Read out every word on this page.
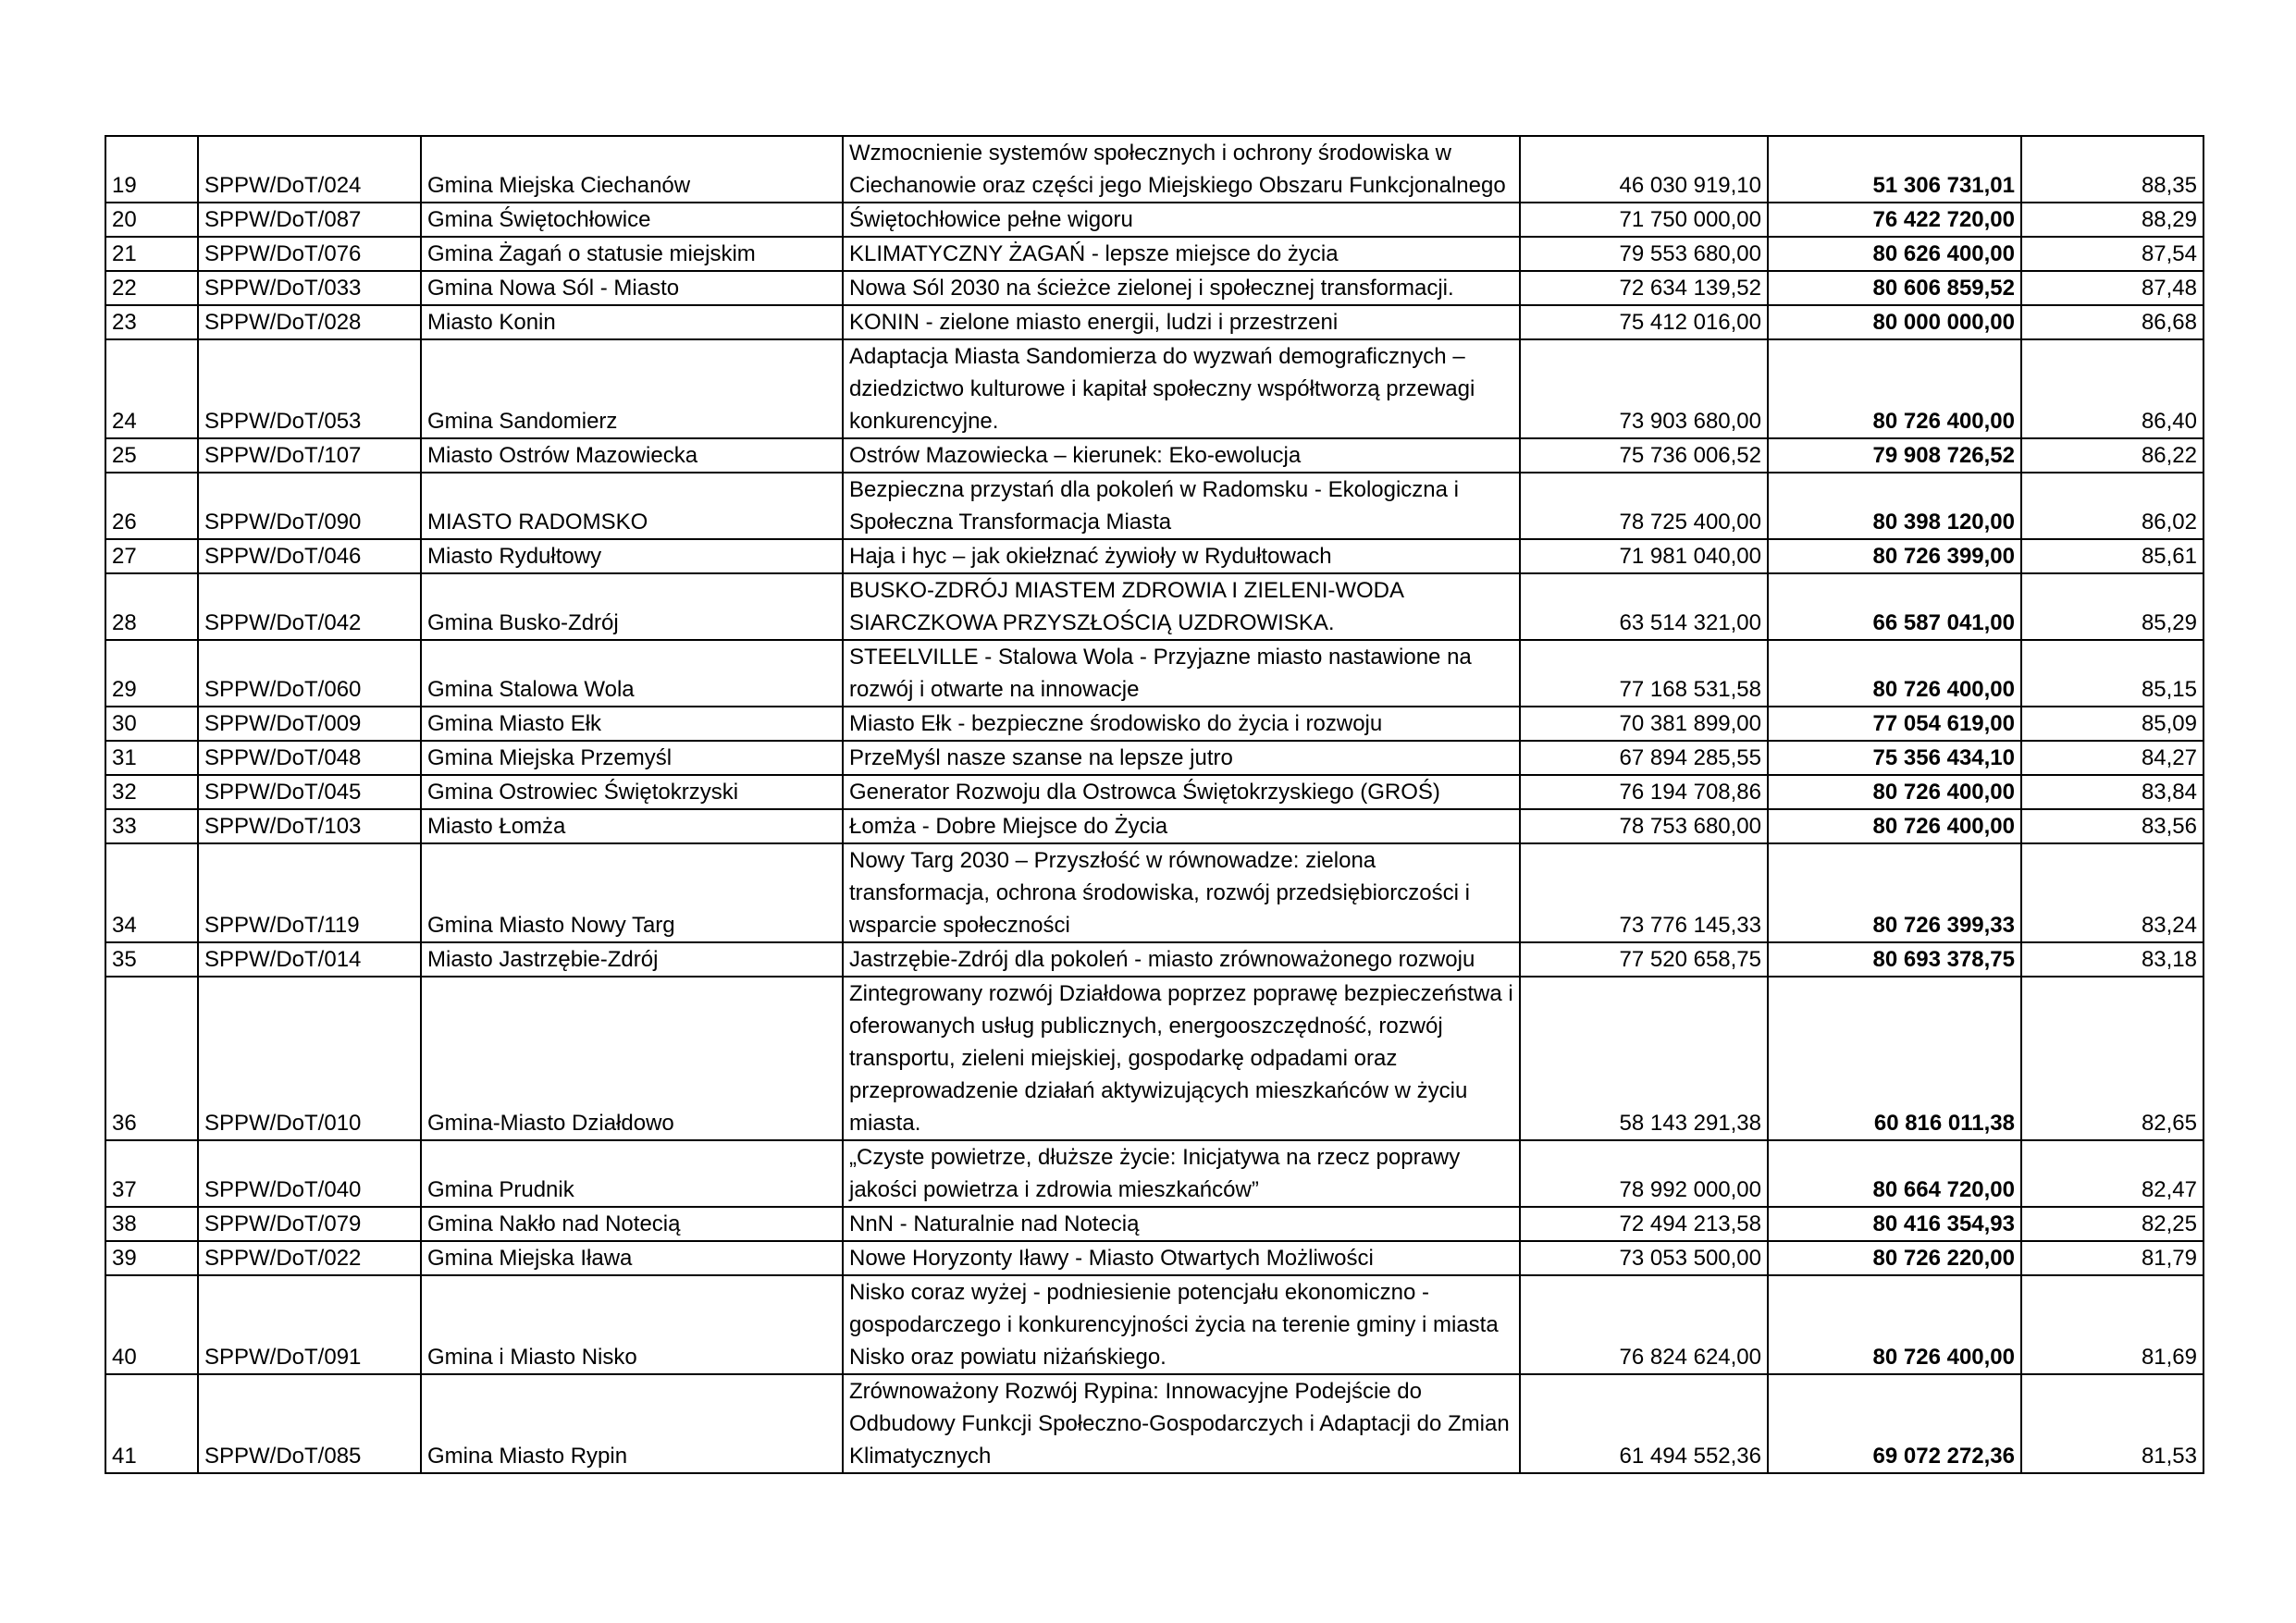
19	SPPW/DoT/024	Gmina Miejska Ciechanów	Wzmocnienie systemów społecznych i ochrony środowiska w Ciechanowie oraz części jego Miejskiego Obszaru Funkcjonalnego	46 030 919,10	51 306 731,01	88,35
20	SPPW/DoT/087	Gmina Świętochłowice	Świętochłowice pełne wigoru	71 750 000,00	76 422 720,00	88,29
21	SPPW/DoT/076	Gmina Żagań o statusie miejskim	KLIMATYCZNY ŻAGAŃ - lepsze miejsce do życia	79 553 680,00	80 626 400,00	87,54
22	SPPW/DoT/033	Gmina Nowa Sól - Miasto	Nowa Sól 2030 na ścieżce zielonej i społecznej transformacji.	72 634 139,52	80 606 859,52	87,48
23	SPPW/DoT/028	Miasto Konin	KONIN - zielone miasto energii, ludzi i przestrzeni	75 412 016,00	80 000 000,00	86,68
24	SPPW/DoT/053	Gmina Sandomierz	Adaptacja Miasta Sandomierza do wyzwań demograficznych – dziedzictwo kulturowe i kapitał społeczny współtworzą przewagi konkurencyjne.	73 903 680,00	80 726 400,00	86,40
25	SPPW/DoT/107	Miasto Ostrów Mazowiecka	Ostrów Mazowiecka – kierunek: Eko-ewolucja	75 736 006,52	79 908 726,52	86,22
26	SPPW/DoT/090	MIASTO RADOMSKO	Bezpieczna przystań dla pokoleń w Radomsku - Ekologiczna i Społeczna Transformacja Miasta	78 725 400,00	80 398 120,00	86,02
27	SPPW/DoT/046	Miasto Rydułtowy	Haja i hyc – jak okiełznać żywioły w Rydułtowach	71 981 040,00	80 726 399,00	85,61
28	SPPW/DoT/042	Gmina Busko-Zdrój	BUSKO-ZDRÓJ MIASTEM ZDROWIA I ZIELENI-WODA SIARCZKOWA PRZYSZŁOŚCIĄ UZDROWISKA.	63 514 321,00	66 587 041,00	85,29
29	SPPW/DoT/060	Gmina Stalowa Wola	STEELVILLE - Stalowa Wola - Przyjazne miasto nastawione na rozwój i otwarte na innowacje	77 168 531,58	80 726 400,00	85,15
30	SPPW/DoT/009	Gmina Miasto Ełk	Miasto Ełk - bezpieczne środowisko do życia i rozwoju	70 381 899,00	77 054 619,00	85,09
31	SPPW/DoT/048	Gmina Miejska Przemyśl	PrzeMyśl nasze szanse na lepsze jutro	67 894 285,55	75 356 434,10	84,27
32	SPPW/DoT/045	Gmina Ostrowiec Świętokrzyski	Generator Rozwoju dla Ostrowca Świętokrzyskiego (GROŚ)	76 194 708,86	80 726 400,00	83,84
33	SPPW/DoT/103	Miasto Łomża	Łomża - Dobre Miejsce do Życia	78 753 680,00	80 726 400,00	83,56
34	SPPW/DoT/119	Gmina Miasto Nowy Targ	Nowy Targ 2030 – Przyszłość w równowadze: zielona transformacja, ochrona środowiska, rozwój przedsiębiorczości i wsparcie społeczności	73 776 145,33	80 726 399,33	83,24
35	SPPW/DoT/014	Miasto Jastrzębie-Zdrój	Jastrzębie-Zdrój dla pokoleń - miasto zrównoważonego rozwoju	77 520 658,75	80 693 378,75	83,18
36	SPPW/DoT/010	Gmina-Miasto Działdowo	Zintegrowany rozwój Działdowa poprzez poprawę bezpieczeństwa i oferowanych usług publicznych, energooszczędność, rozwój transportu, zieleni miejskiej, gospodarkę odpadami oraz przeprowadzenie działań aktywizujących mieszkańców w życiu miasta.	58 143 291,38	60 816 011,38	82,65
37	SPPW/DoT/040	Gmina Prudnik	„Czyste powietrze, dłuższe życie: Inicjatywa na rzecz poprawy jakości powietrza i zdrowia mieszkańców”	78 992 000,00	80 664 720,00	82,47
38	SPPW/DoT/079	Gmina Nakło nad Notecią	NnN - Naturalnie nad Notecią	72 494 213,58	80 416 354,93	82,25
39	SPPW/DoT/022	Gmina Miejska Iława	Nowe Horyzonty Iławy - Miasto Otwartych Możliwości	73 053 500,00	80 726 220,00	81,79
40	SPPW/DoT/091	Gmina i Miasto Nisko	Nisko coraz wyżej - podniesienie potencjału ekonomiczno - gospodarczego i konkurencyjności życia na terenie gminy i miasta Nisko oraz powiatu niżańskiego.	76 824 624,00	80 726 400,00	81,69
41	SPPW/DoT/085	Gmina Miasto Rypin	Zrównoważony Rozwój Rypina: Innowacyjne Podejście do Odbudowy Funkcji Społeczno-Gospodarczych i Adaptacji do Zmian Klimatycznych	61 494 552,36	69 072 272,36	81,53
